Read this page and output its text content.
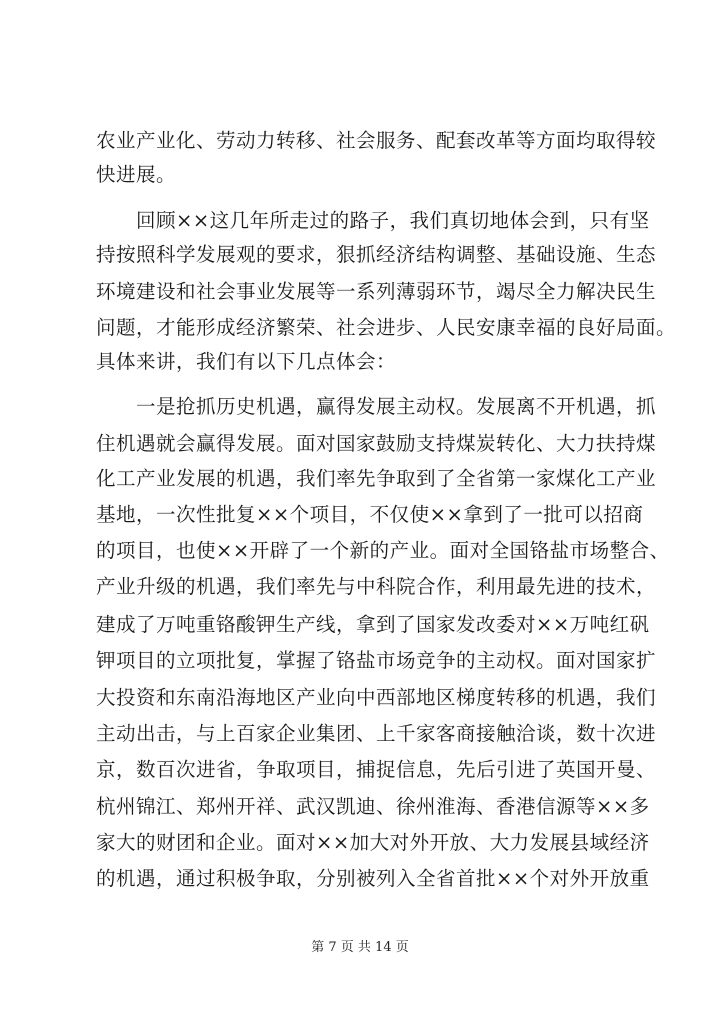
农业产业化、劳动力转移、社会服务、配套改革等方面均取得较
快进展。
回顾××这几年所走过的路子，我们真切地体会到，只有坚
持按照科学发展观的要求，狠抓经济结构调整、基础设施、生态
环境建设和社会事业发展等一系列薄弱环节，竭尽全力解决民生
问题，才能形成经济繁荣、社会进步、人民安康幸福的良好局面。
具体来讲，我们有以下几点体会：
一是抢抓历史机遇，赢得发展主动权。发展离不开机遇，抓
住机遇就会赢得发展。面对国家鼓励支持煤炭转化、大力扶持煤
化工产业发展的机遇，我们率先争取到了全省第一家煤化工产业
基地，一次性批复××个项目，不仅使××拿到了一批可以招商
的项目，也使××开辟了一个新的产业。面对全国铬盐市场整合、
产业升级的机遇，我们率先与中科院合作，利用最先进的技术，
建成了万吨重铬酸钾生产线，拿到了国家发改委对××万吨红矾
钾项目的立项批复，掌握了铬盐市场竞争的主动权。面对国家扩
大投资和东南沿海地区产业向中西部地区梯度转移的机遇，我们
主动出击，与上百家企业集团、上千家客商接触洽谈，数十次进
京，数百次进省，争取项目，捕捉信息，先后引进了英国开曼、
杭州锦江、郑州开祥、武汉凯迪、徐州淮海、香港信源等××多
家大的财团和企业。面对××加大对外开放、大力发展县域经济
的机遇，通过积极争取，分别被列入全省首批××个对外开放重
第 7 页 共 14 页
